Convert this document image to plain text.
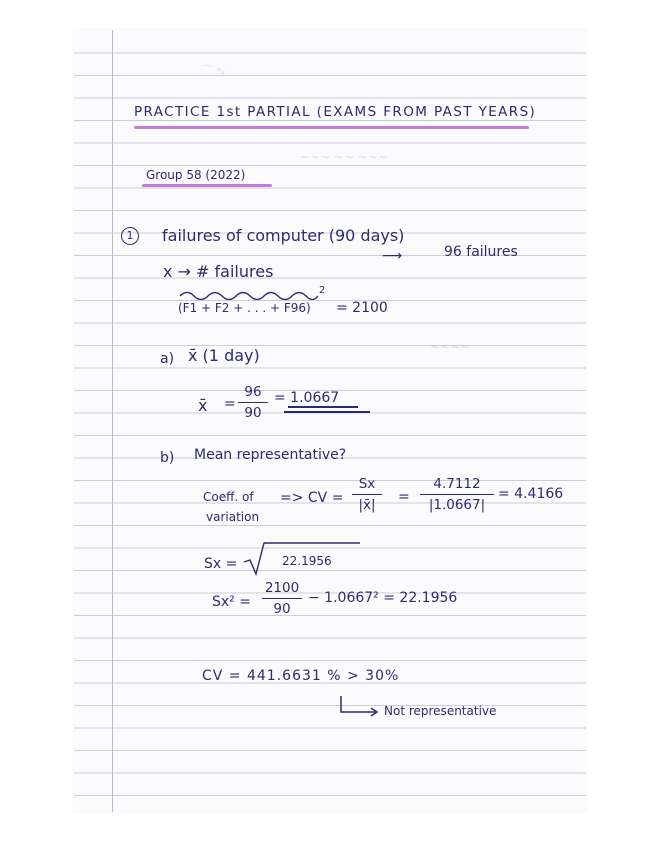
⌒ ∿
~~~ ~~ ~~~
~~~~
PRACTICE 1st PARTIAL (EXAMS FROM PAST YEARS)
Group 58 (2022)
1	failures of computer (90 days)
⟶	96 failures
x → # failures
(F1 + F2 + . . . + F96)
2
= 2100
a) x̄ (1 day)
x̄ =
96
90
= 1.0667
b) Mean representative?
Coeff. of
variation
=> CV =
Sx
|x̄|
=
4.7112
|1.0667|
= 4.4166
Sx =	22.1956
Sx² =
2100
90
− 1.0667² = 22.1956
CV = 441.6631 % > 30%
Not representative
